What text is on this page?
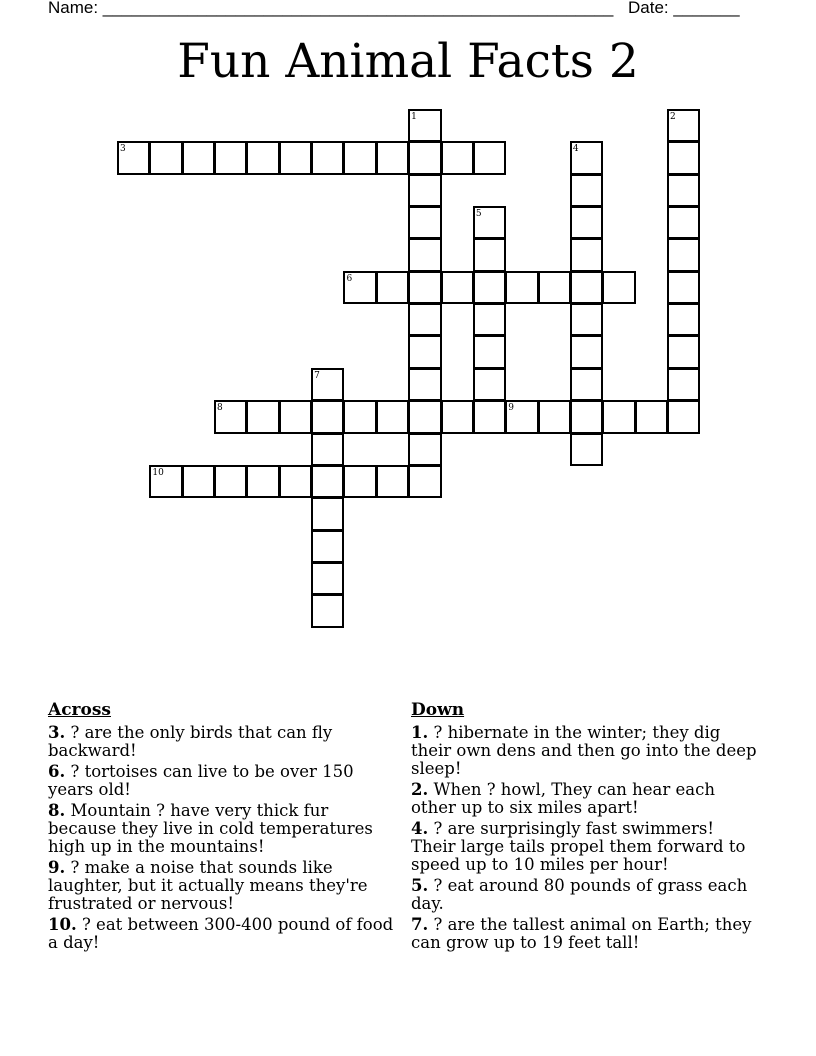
Name: ______________________________________________________ Date: _______
Fun Animal Facts 2
1	2
3	4
5
6
7
8	9
10
Across
3. ? are the only birds that can fly backward!
6. ? tortoises can live to be over 150 years old!
8. Mountain ? have very thick fur because they live in cold temperatures high up in the mountains!
9. ? make a noise that sounds like laughter, but it actually means they're frustrated or nervous!
10. ? eat between 300-400 pound of food a day!
Down
1. ? hibernate in the winter; they dig their own dens and then go into the deep sleep!
2. When ? howl, They can hear each other up to six miles apart!
4. ? are surprisingly fast swimmers! Their large tails propel them forward to speed up to 10 miles per hour!
5. ? eat around 80 pounds of grass each day.
7. ? are the tallest animal on Earth; they can grow up to 19 feet tall!
